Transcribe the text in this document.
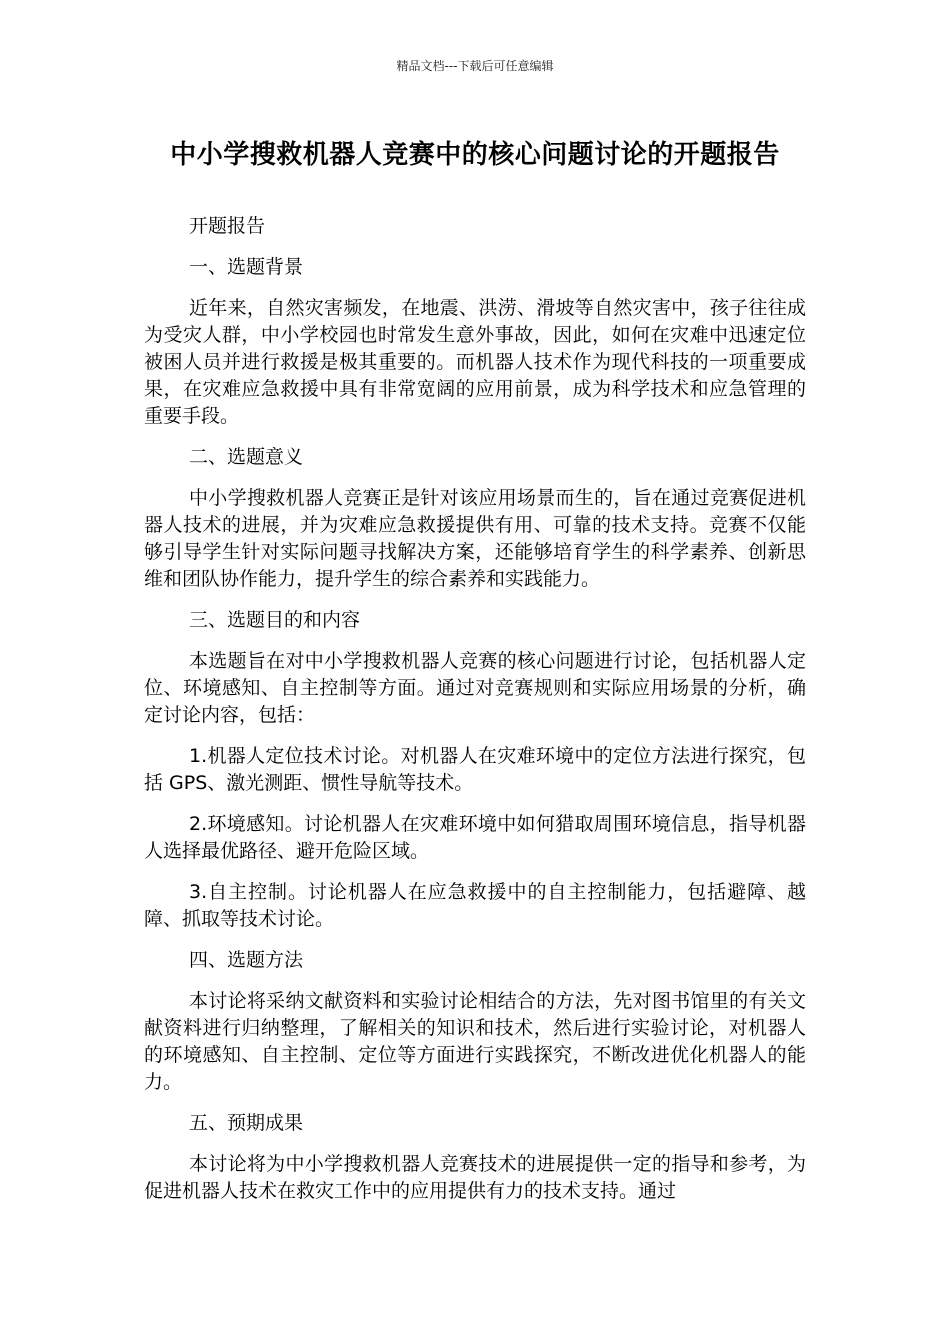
精品文档---下载后可任意编辑
中小学搜救机器人竞赛中的核心问题讨论的开题报告

开题报告

一、选题背景

近年来，自然灾害频发，在地震、洪涝、滑坡等自然灾害中，孩子往往成为受灾人群，中小学校园也时常发生意外事故，因此，如何在灾难中迅速定位被困人员并进行救援是极其重要的。而机器人技术作为现代科技的一项重要成果，在灾难应急救援中具有非常宽阔的应用前景，成为科学技术和应急管理的重要手段。

二、选题意义

中小学搜救机器人竞赛正是针对该应用场景而生的，旨在通过竞赛促进机器人技术的进展，并为灾难应急救援提供有用、可靠的技术支持。竞赛不仅能够引导学生针对实际问题寻找解决方案，还能够培育学生的科学素养、创新思维和团队协作能力，提升学生的综合素养和实践能力。

三、选题目的和内容

本选题旨在对中小学搜救机器人竞赛的核心问题进行讨论，包括机器人定位、环境感知、自主控制等方面。通过对竞赛规则和实际应用场景的分析，确定讨论内容，包括：

1.机器人定位技术讨论。对机器人在灾难环境中的定位方法进行探究，包括 GPS、激光测距、惯性导航等技术。

2.环境感知。讨论机器人在灾难环境中如何猎取周围环境信息，指导机器人选择最优路径、避开危险区域。

3.自主控制。讨论机器人在应急救援中的自主控制能力，包括避障、越障、抓取等技术讨论。

四、选题方法

本讨论将采纳文献资料和实验讨论相结合的方法，先对图书馆里的有关文献资料进行归纳整理，了解相关的知识和技术，然后进行实验讨论，对机器人的环境感知、自主控制、定位等方面进行实践探究，不断改进优化机器人的能力。

五、预期成果

本讨论将为中小学搜救机器人竞赛技术的进展提供一定的指导和参考，为促进机器人技术在救灾工作中的应用提供有力的技术支持。通过
